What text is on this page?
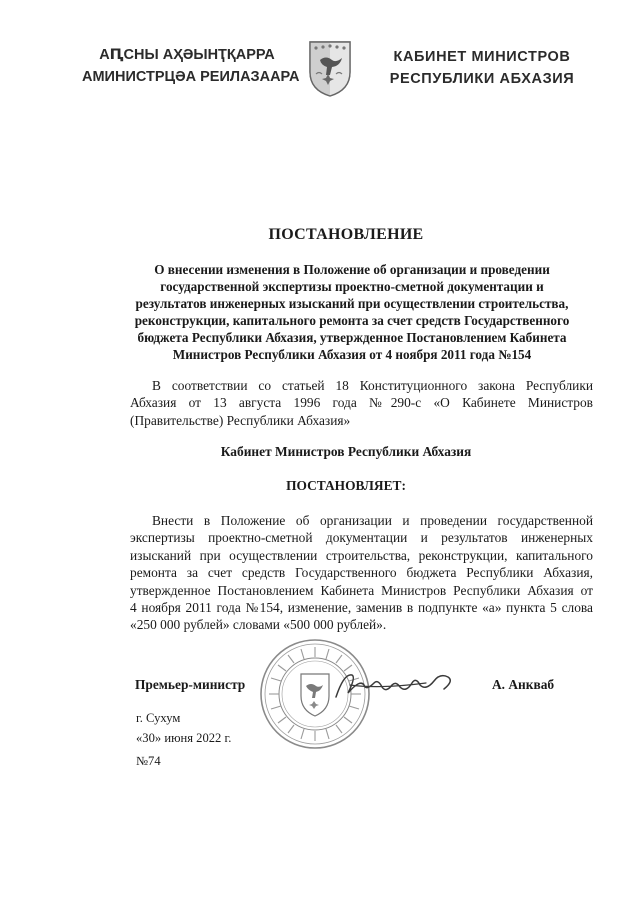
АԤСНЫ АҲӘЫНҬҚАРРА
АМИНИСТРЦӘА РЕИЛАЗААРА
КАБИНЕТ МИНИСТРОВ
РЕСПУБЛИКИ АБХАЗИЯ
ПОСТАНОВЛЕНИЕ
О внесении изменения в Положение об организации и проведении
государственной экспертизы проектно-сметной документации и
результатов инженерных изысканий при осуществлении строительства,
реконструкции, капитального ремонта за счет средств Государственного
бюджета Республики Абхазия, утвержденное Постановлением Кабинета
Министров Республики Абхазия от 4 ноября 2011 года №154
В соответствии со статьей 18 Конституционного закона Республики
Абхазия от 13 августа 1996 года №290-с «О Кабинете Министров
(Правительстве) Республики Абхазия»
Кабинет Министров Республики Абхазия
ПОСТАНОВЛЯЕТ:
Внести в Положение об организации и проведении государственной
экспертизы проектно-сметной документации и результатов инженерных
изысканий при осуществлении строительства, реконструкции, капитального
ремонта за счет средств Государственного бюджета Республики Абхазия,
утвержденное Постановлением Кабинета Министров Республики Абхазия от
4 ноября 2011 года №154, изменение, заменив в подпункте «а» пункта 5 слова
«250 000 рублей» словами «500 000 рублей».
Премьер-министр	А. Анкваб
г. Сухум
«30» июня 2022 г.
№74
